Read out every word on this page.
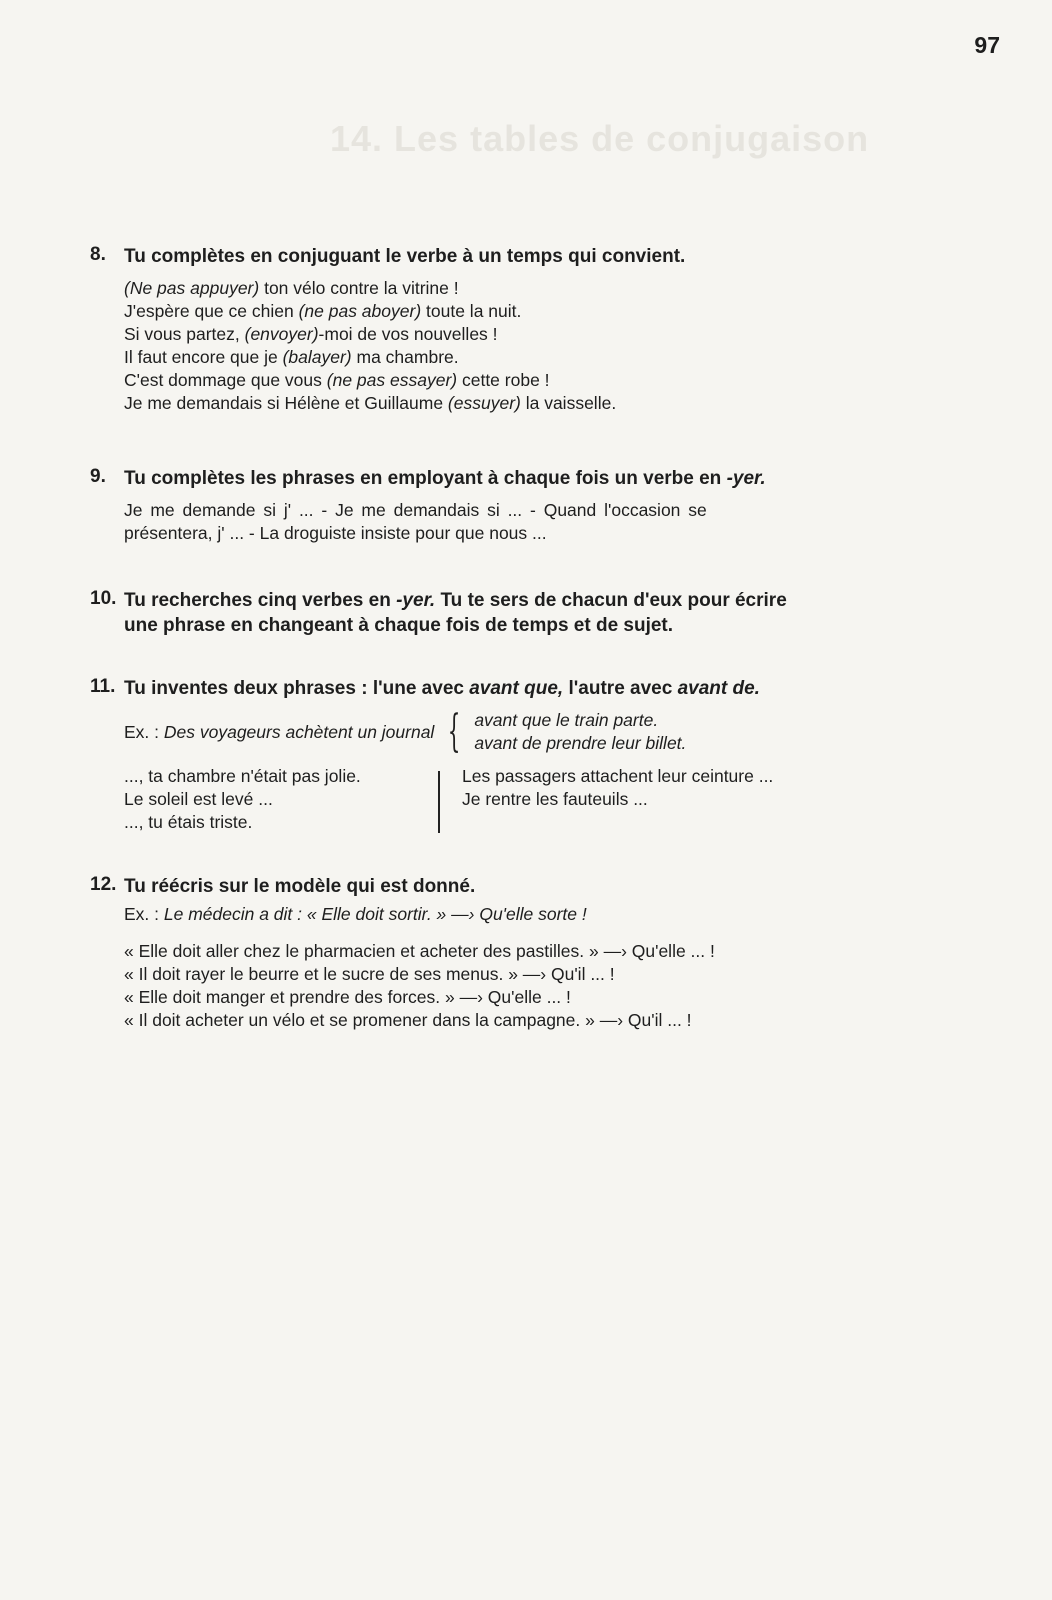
97
14. Les tables de conjugaison
8. Tu complètes en conjuguant le verbe à un temps qui convient.
(Ne pas appuyer) ton vélo contre la vitrine !
J'espère que ce chien (ne pas aboyer) toute la nuit.
Si vous partez, (envoyer)-moi de vos nouvelles !
Il faut encore que je (balayer) ma chambre.
C'est dommage que vous (ne pas essayer) cette robe !
Je me demandais si Hélène et Guillaume (essuyer) la vaisselle.
9. Tu complètes les phrases en employant à chaque fois un verbe en -yer.
Je me demande si j' ... - Je me demandais si ... - Quand l'occasion se
présentera, j' ... - La droguiste insiste pour que nous ...
10. Tu recherches cinq verbes en -yer. Tu te sers de chacun d'eux pour écrire
une phrase en changeant à chaque fois de temps et de sujet.
11. Tu inventes deux phrases : l'une avec avant que, l'autre avec avant de.
Ex. : Des voyageurs achètent un journal { avant que le train parte.
avant de prendre leur billet.
..., ta chambre n'était pas jolie.
Le soleil est levé ...
..., tu étais triste.
Les passagers attachent leur ceinture ...
Je rentre les fauteuils ...
12. Tu réécris sur le modèle qui est donné.
Ex. : Le médecin a dit : « Elle doit sortir. » —› Qu'elle sorte !
« Elle doit aller chez le pharmacien et acheter des pastilles. » —› Qu'elle ... !
« Il doit rayer le beurre et le sucre de ses menus. » —› Qu'il ... !
« Elle doit manger et prendre des forces. » —› Qu'elle ... !
« Il doit acheter un vélo et se promener dans la campagne. » —› Qu'il ... !
